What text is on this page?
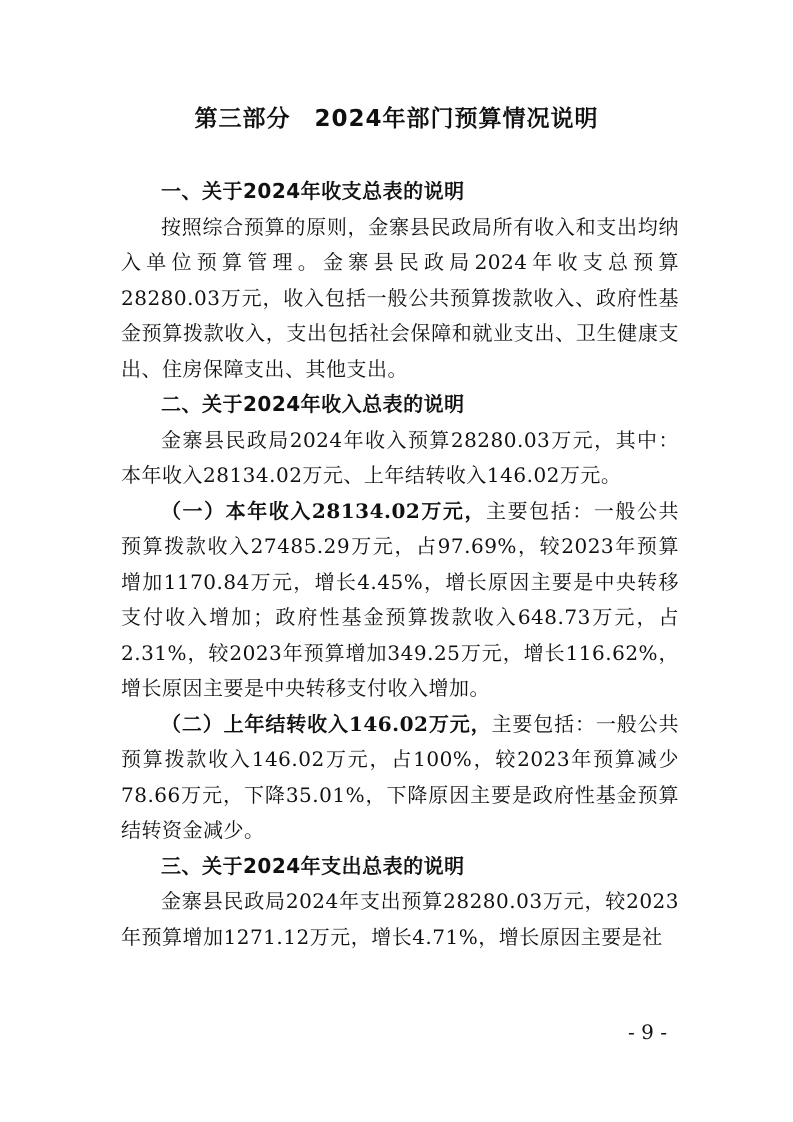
第三部分　2024年部门预算情况说明

一、关于2024年收支总表的说明

按照综合预算的原则，金寨县民政局所有收入和支出均纳入单位预算管理。金寨县民政局2024年收支总预算28280.03万元，收入包括一般公共预算拨款收入、政府性基金预算拨款收入，支出包括社会保障和就业支出、卫生健康支出、住房保障支出、其他支出。

二、关于2024年收入总表的说明

金寨县民政局2024年收入预算28280.03万元，其中：本年收入28134.02万元、上年结转收入146.02万元。

（一）本年收入28134.02万元，主要包括：一般公共预算拨款收入27485.29万元，占97.69%，较2023年预算增加1170.84万元，增长4.45%，增长原因主要是中央转移支付收入增加；政府性基金预算拨款收入648.73万元，占2.31%，较2023年预算增加349.25万元，增长116.62%，增长原因主要是中央转移支付收入增加。

（二）上年结转收入146.02万元，主要包括：一般公共预算拨款收入146.02万元，占100%，较2023年预算减少78.66万元，下降35.01%，下降原因主要是政府性基金预算结转资金减少。

三、关于2024年支出总表的说明

金寨县民政局2024年支出预算28280.03万元，较2023年预算增加1271.12万元，增长4.71%，增长原因主要是社

- 9 -
